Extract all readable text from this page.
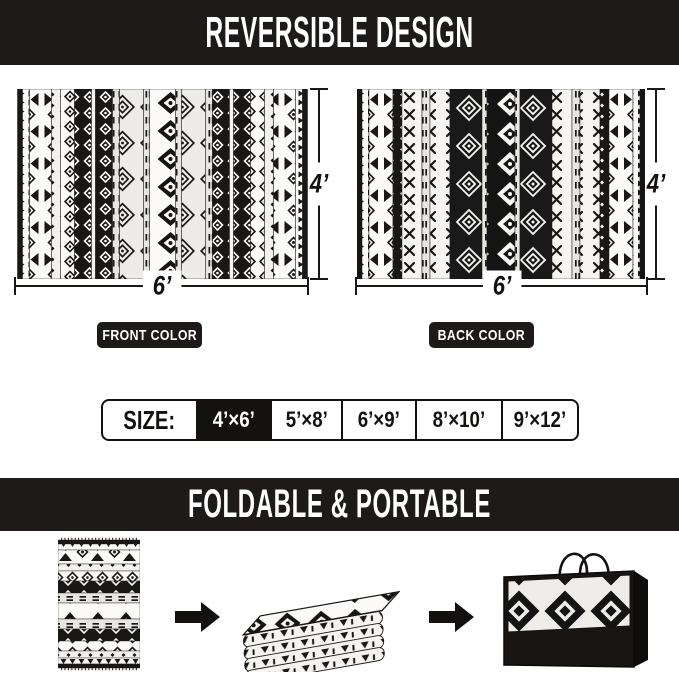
REVERSIBLE DESIGN
4’
6’
4’
6’
FRONT COLOR	BACK COLOR
SIZE: 4’×6’ 5’×8’ 6’×9’ 8’×10’ 9’×12’
FOLDABLE & PORTABLE
